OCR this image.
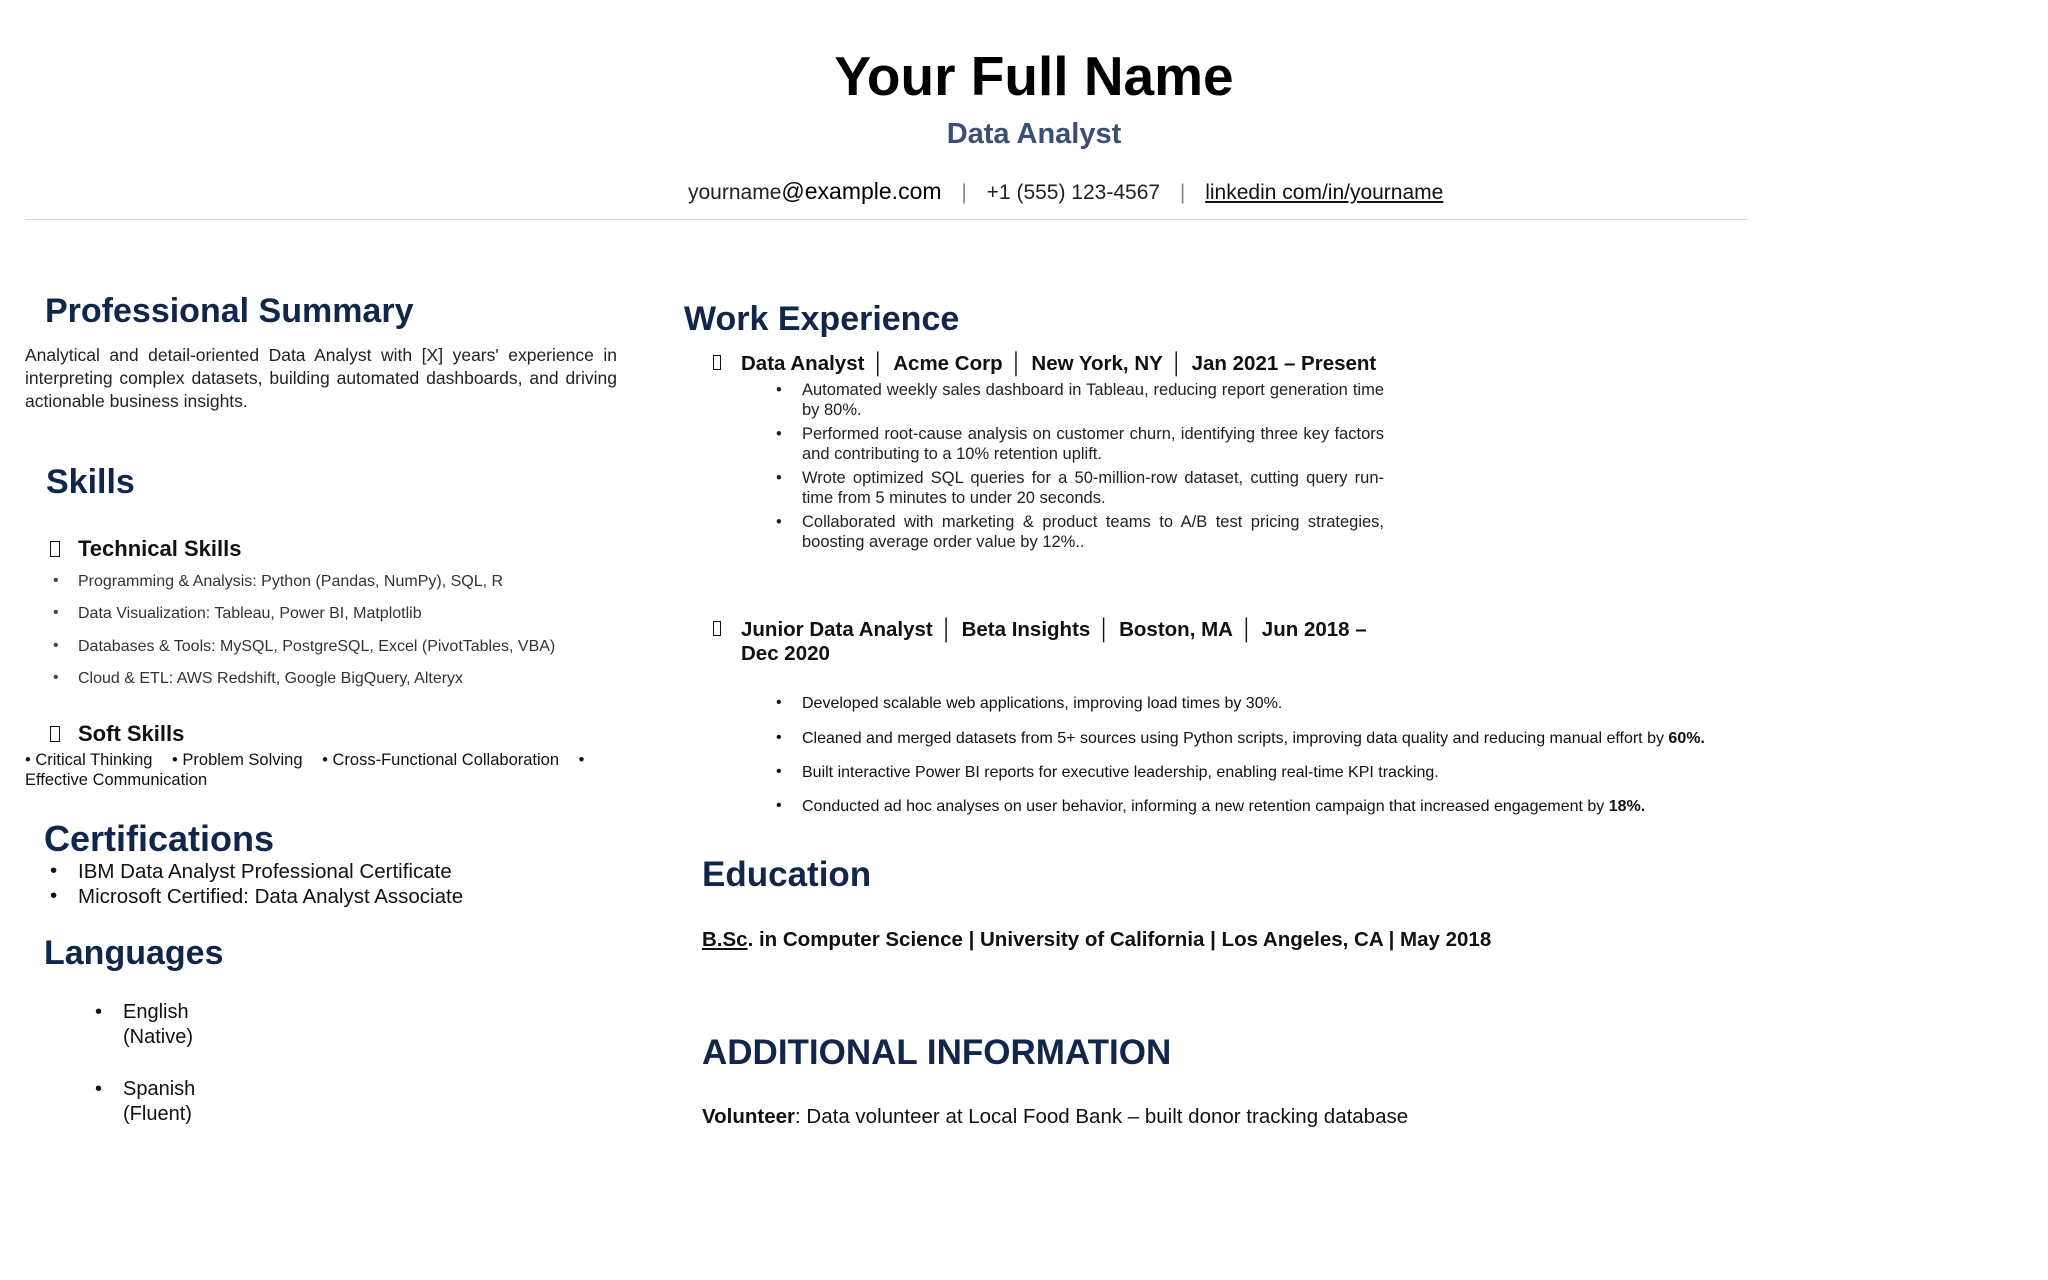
Your Full Name
Data Analyst
yourname@example.com | +1 (555) 123-4567 | linkedin com/in/yourname
Professional Summary
Analytical and detail-oriented Data Analyst with [X] years' experience in interpreting complex datasets, building automated dashboards, and driving actionable business insights.
Skills
Technical Skills
• Programming & Analysis: Python (Pandas, NumPy), SQL, R
• Data Visualization: Tableau, Power BI, Matplotlib
• Databases & Tools: MySQL, PostgreSQL, Excel (PivotTables, VBA)
• Cloud & ETL: AWS Redshift, Google BigQuery, Alteryx
Soft Skills
• Critical Thinking • Problem Solving • Cross-Functional Collaboration • Effective Communication
Certifications
• IBM Data Analyst Professional Certificate
• Microsoft Certified: Data Analyst Associate
Languages
• English
(Native)
• Spanish
(Fluent)
Work Experience
Data Analyst │ Acme Corp │ New York, NY │ Jan 2021 – Present
• Automated weekly sales dashboard in Tableau, reducing report generation time by 80%.
• Performed root-cause analysis on customer churn, identifying three key factors and contributing to a 10% retention uplift.
• Wrote optimized SQL queries for a 50-million-row dataset, cutting query run-time from 5 minutes to under 20 seconds.
• Collaborated with marketing & product teams to A/B test pricing strategies, boosting average order value by 12%..
Junior Data Analyst │ Beta Insights │ Boston, MA │ Jun 2018 –
Dec 2020
• Developed scalable web applications, improving load times by 30%.
• Cleaned and merged datasets from 5+ sources using Python scripts, improving data quality and reducing manual effort by 60%.
• Built interactive Power BI reports for executive leadership, enabling real-time KPI tracking.
• Conducted ad hoc analyses on user behavior, informing a new retention campaign that increased engagement by 18%.
Education
B.Sc. in Computer Science | University of California | Los Angeles, CA | May 2018
ADDITIONAL INFORMATION
Volunteer: Data volunteer at Local Food Bank – built donor tracking database
